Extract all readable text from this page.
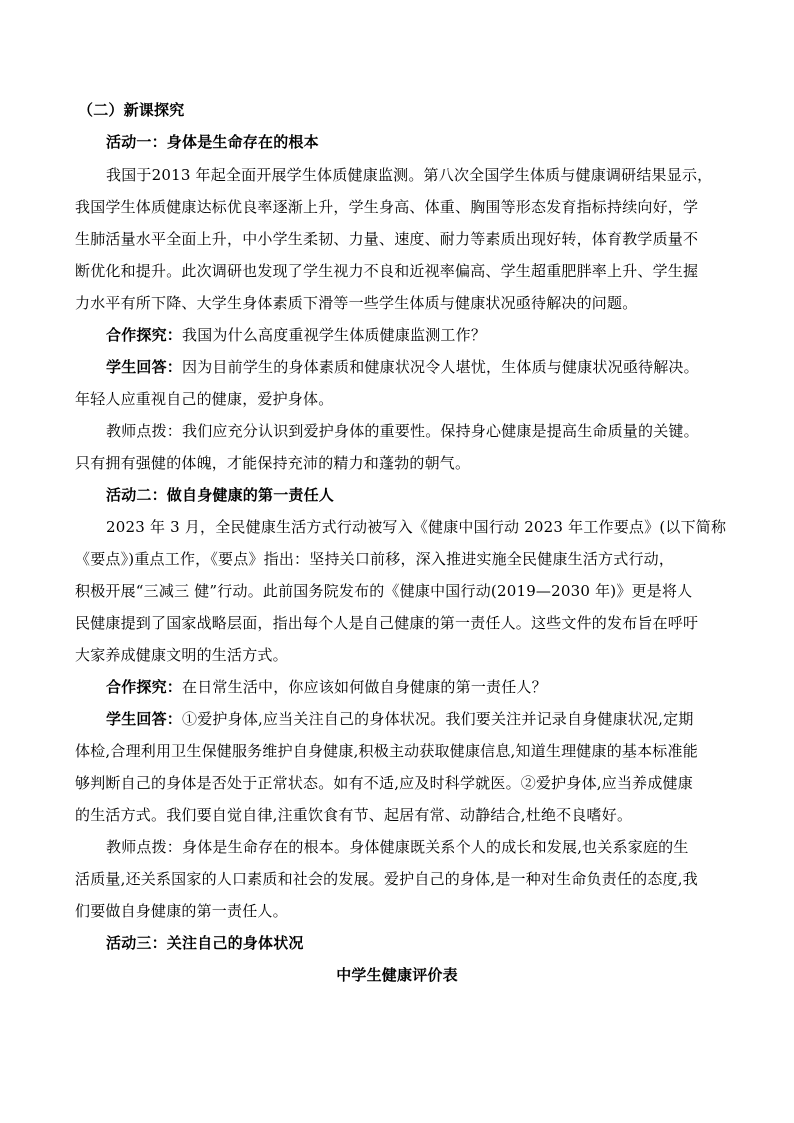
（二）新课探究
活动一：身体是生命存在的根本
我国于2013 年起全面开展学生体质健康监测。第八次全国学生体质与健康调研结果显示，
我国学生体质健康达标优良率逐渐上升，学生身高、体重、胸围等形态发育指标持续向好，学
生肺活量水平全面上升，中小学生柔韧、力量、速度、耐力等素质出现好转，体育教学质量不
断优化和提升。此次调研也发现了学生视力不良和近视率偏高、学生超重肥胖率上升、学生握
力水平有所下降、大学生身体素质下滑等一些学生体质与健康状况亟待解决的问题。
合作探究：我国为什么高度重视学生体质健康监测工作？
学生回答：因为目前学生的身体素质和健康状况令人堪忧，生体质与健康状况亟待解决。
年轻人应重视自己的健康，爱护身体。
教师点拨：我们应充分认识到爱护身体的重要性。保持身心健康是提高生命质量的关键。
只有拥有强健的体魄，才能保持充沛的精力和蓬勃的朝气。
活动二：做自身健康的第一责任人
2023 年 3 月，全民健康生活方式行动被写入《健康中国行动 2023 年工作要点》(以下简称
《要点》)重点工作，《要点》指出：坚持关口前移，深入推进实施全民健康生活方式行动，
积极开展“三减三 健”行动。此前国务院发布的《健康中国行动(2019—2030 年)》更是将人
民健康提到了国家战略层面，指出每个人是自己健康的第一责任人。这些文件的发布旨在呼吁
大家养成健康文明的生活方式。
合作探究：在日常生活中，你应该如何做自身健康的第一责任人？
学生回答：①爱护身体,应当关注自己的身体状况。我们要关注并记录自身健康状况,定期
体检,合理利用卫生保健服务维护自身健康,积极主动获取健康信息,知道生理健康的基本标准能
够判断自己的身体是否处于正常状态。如有不适,应及时科学就医。②爱护身体,应当养成健康
的生活方式。我们要自觉自律,注重饮食有节、起居有常、动静结合,杜绝不良嗜好。
教师点拨：身体是生命存在的根本。身体健康既关系个人的成长和发展,也关系家庭的生
活质量,还关系国家的人口素质和社会的发展。爱护自己的身体,是一种对生命负责任的态度,我
们要做自身健康的第一责任人。
活动三：关注自己的身体状况
中学生健康评价表
